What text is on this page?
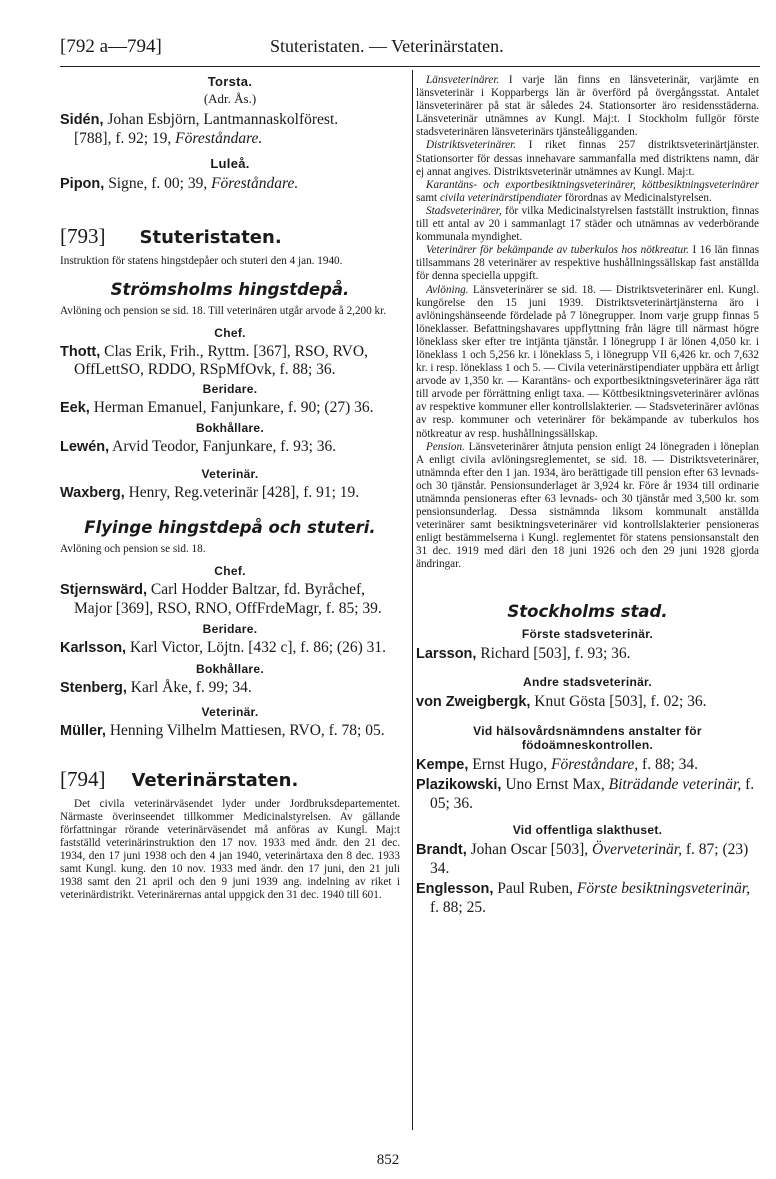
[792 a—794]	Stuteristaten. — Veterinärstaten.
Torsta.
(Adr. Ås.)
Sidén, Johan Esbjörn, Lantmannaskolförest.
[788], f. 92; 19, Föreståndare.
Luleå.
Pipon, Signe, f. 00; 39, Föreståndare.
[793] Stuteristaten.
Instruktion för statens hingstdepåer och stuteri den 4 jan. 1940.
Strömsholms hingstdepå.
Avlöning och pension se sid. 18. Till veterinären utgår arvode å 2,200 kr.
Chef.
Thott, Clas Erik, Frih., Ryttm. [367], RSO, RVO, OffLettSO, RDDO, RSpMfOvk, f. 88; 36.
Beridare.
Eek, Herman Emanuel, Fanjunkare, f. 90; (27) 36.
Bokhållare.
Lewén, Arvid Teodor, Fanjunkare, f. 93; 36.
Veterinär.
Waxberg, Henry, Reg.veterinär [428], f. 91; 19.
Flyinge hingstdepå och stuteri.
Avlöning och pension se sid. 18.
Chef.
Stjernswärd, Carl Hodder Baltzar, fd. Byråchef, Major [369], RSO, RNO, OffFrdeMagr, f. 85; 39.
Beridare.
Karlsson, Karl Victor, Löjtn. [432 c], f. 86; (26) 31.
Bokhållare.
Stenberg, Karl Åke, f. 99; 34.
Veterinär.
Müller, Henning Vilhelm Mattiesen, RVO, f. 78; 05.
[794] Veterinärstaten.
Det civila veterinärväsendet lyder under Jordbruksdepartementet. Närmaste överinseendet tillkommer Medicinalstyrelsen. Av gällande författningar rörande veterinärväsendet må anföras av Kungl. Maj:t fastställd veterinärinstruktion den 17 nov. 1933 med ändr. den 21 dec. 1934, den 17 juni 1938 och den 4 jan 1940, veterinärtaxa den 8 dec. 1933 samt Kungl. kung. den 10 nov. 1933 med ändr. den 17 juni, den 21 juli 1938 samt den 21 april och den 9 juni 1939 ang. indelning av riket i veterinärdistrikt. Veterinärernas antal uppgick den 31 dec. 1940 till 601.
Länsveterinärer. I varje län finns en länsveterinär, varjämte en länsveterinär i Kopparbergs län är överförd på övergångsstat. Antalet länsveterinärer på stat är således 24. Stationsorter äro residensstäderna. Länsveterinär utnämnes av Kungl. Maj:t. I Stockholm fullgör förste stadsveterinären länsveterinärs tjänsteåligganden.
Distriktsveterinärer. I riket finnas 257 distriktsveterinärtjänster. Stationsorter för dessas innehavare sammanfalla med distriktens namn, där ej annat angives. Distriktsveterinär utnämnes av Kungl. Maj:t.
Karantäns- och exportbesiktningsveterinärer, köttbesiktningsveterinärer samt civila veterinärstipendiater förordnas av Medicinalstyrelsen.
Stadsveterinärer, för vilka Medicinalstyrelsen fastställt instruktion, finnas till ett antal av 20 i sammanlagt 17 städer och utnämnas av vederbörande kommunala myndighet.
Veterinärer för bekämpande av tuberkulos hos nötkreatur. I 16 län finnas tillsammans 28 veterinärer av respektive hushållningssällskap fast anställda för denna speciella uppgift.
Avlöning. Länsveterinärer se sid. 18. — Distriktsveterinärer enl. Kungl. kungörelse den 15 juni 1939. Distriktsveterinärtjänsterna äro i avlöningshänseende fördelade på 7 lönegrupper. Inom varje grupp finnas 5 löneklasser. Befattningshavares uppflyttning från lägre till närmast högre löneklass sker efter tre intjänta tjänstår. I lönegrupp I är lönen 4,050 kr. i löneklass 1 och 5,256 kr. i löneklass 5, i lönegrupp VII 6,426 kr. och 7,632 kr. i resp. löneklass 1 och 5. — Civila veterinärstipendiater uppbära ett årligt arvode av 1,350 kr. — Karantäns- och exportbesiktningsveterinärer äga rätt till arvode per förrättning enligt taxa. — Köttbesiktningsveterinärer avlönas av respektive kommuner eller kontrollslakterier. — Stadsveterinärer avlönas av resp. kommuner och veterinärer för bekämpande av tuberkulos hos nötkreatur av resp. hushållningssällskap.
Pension. Länsveterinärer åtnjuta pension enligt 24 lönegraden i löneplan A enligt civila avlöningsreglementet, se sid. 18. — Distriktsveterinärer, utnämnda efter den 1 jan. 1934, äro berättigade till pension efter 63 levnads- och 30 tjänstår. Pensionsunderlaget är 3,924 kr. Före år 1934 till ordinarie utnämnda pensioneras efter 63 levnads- och 30 tjänstår med 3,500 kr. som pensionsunderlag. Dessa sistnämnda liksom kommunalt anställda veterinärer samt besiktningsveterinärer vid kontrollslakterier pensioneras enligt bestämmelserna i Kungl. reglementet för statens pensionsanstalt den 31 dec. 1919 med däri den 18 juni 1926 och den 29 juni 1928 gjorda ändringar.
Stockholms stad.
Förste stadsveterinär.
Larsson, Richard [503], f. 93; 36.
Andre stadsveterinär.
von Zweigbergk, Knut Gösta [503], f. 02; 36.
Vid hälsovårdsnämndens anstalter för födoämneskontrollen.
Kempe, Ernst Hugo, Föreståndare, f. 88; 34.
Plazikowski, Uno Ernst Max, Biträdande veterinär, f. 05; 36.
Vid offentliga slakthuset.
Brandt, Johan Oscar [503], Överveterinär, f. 87; (23) 34.
Englesson, Paul Ruben, Förste besiktningsveterinär, f. 88; 25.
852
